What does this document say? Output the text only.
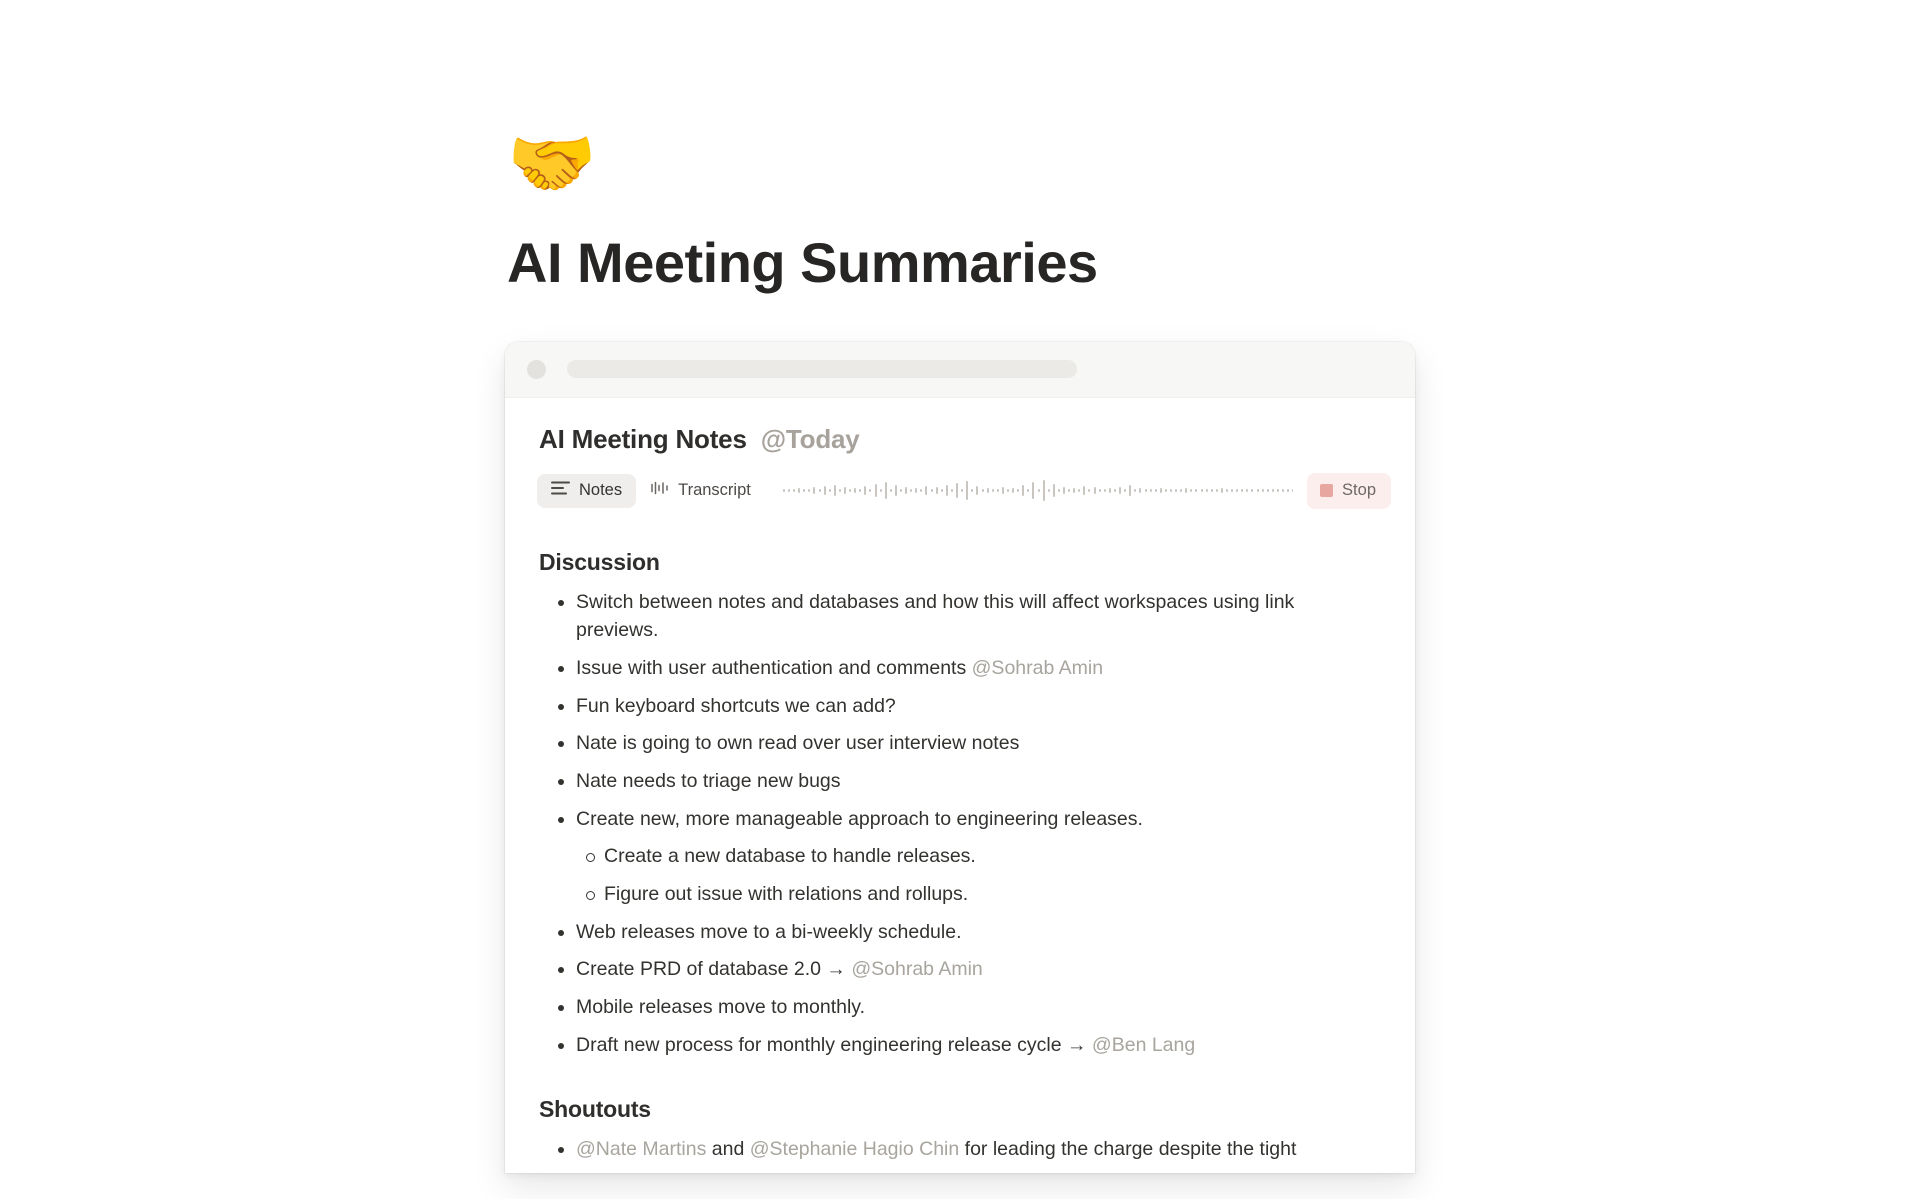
🤝
AI Meeting Summaries
AI Meeting Notes @Today
Notes	Transcript	Stop
Discussion
Switch between notes and databases and how this will affect workspaces using link previews.
Issue with user authentication and comments @Sohrab Amin
Fun keyboard shortcuts we can add?
Nate is going to own read over user interview notes
Nate needs to triage new bugs
Create new, more manageable approach to engineering releases.
Create a new database to handle releases.
Figure out issue with relations and rollups.
Web releases move to a bi-weekly schedule.
Create PRD of database 2.0 → @Sohrab Amin
Mobile releases move to monthly.
Draft new process for monthly engineering release cycle → @Ben Lang
Shoutouts
@Nate Martins and @Stephanie Hagio Chin for leading the charge despite the tight
